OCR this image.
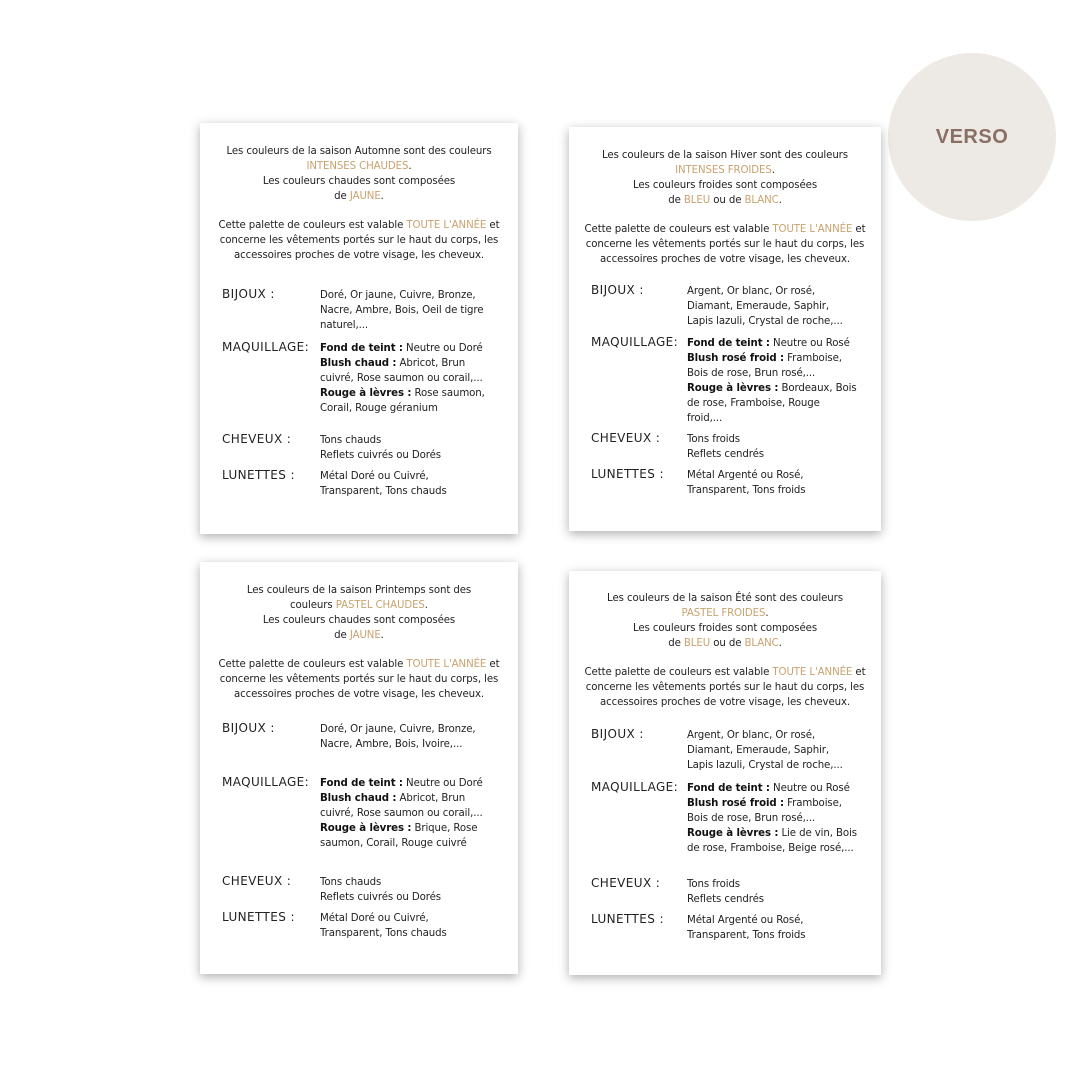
VERSO
Les couleurs de la saison Automne sont des couleurs
INTENSES CHAUDES.
Les couleurs chaudes sont composées
de JAUNE.
Cette palette de couleurs est valable TOUTE L'ANNÉE et
concerne les vêtements portés sur le haut du corps, les
accessoires proches de votre visage, les cheveux.
BIJOUX :	Doré, Or jaune, Cuivre, Bronze,
Nacre, Ambre, Bois, Oeil de tigre
naturel,...
MAQUILLAGE: Fond de teint : Neutre ou Doré
Blush chaud : Abricot, Brun
cuivré, Rose saumon ou corail,...
Rouge à lèvres : Rose saumon,
Corail, Rouge géranium
CHEVEUX :	Tons chauds
Reflets cuivrés ou Dorés
LUNETTES : Métal Doré ou Cuivré,
Transparent, Tons chauds
Les couleurs de la saison Hiver sont des couleurs
INTENSES FROIDES.
Les couleurs froides sont composées
de BLEU ou de BLANC.
Cette palette de couleurs est valable TOUTE L'ANNÉE et
concerne les vêtements portés sur le haut du corps, les
accessoires proches de votre visage, les cheveux.
BIJOUX :	Argent, Or blanc, Or rosé,
Diamant, Emeraude, Saphir,
Lapis lazuli, Crystal de roche,...
MAQUILLAGE: Fond de teint : Neutre ou Rosé
Blush rosé froid : Framboise,
Bois de rose, Brun rosé,...
Rouge à lèvres : Bordeaux, Bois
de rose, Framboise, Rouge
froid,...
CHEVEUX :	Tons froids
Reflets cendrés
LUNETTES : Métal Argenté ou Rosé,
Transparent, Tons froids
Les couleurs de la saison Printemps sont des
couleurs PASTEL CHAUDES.
Les couleurs chaudes sont composées
de JAUNE.
Cette palette de couleurs est valable TOUTE L'ANNÉE et
concerne les vêtements portés sur le haut du corps, les
accessoires proches de votre visage, les cheveux.
BIJOUX :	Doré, Or jaune, Cuivre, Bronze,
Nacre, Ambre, Bois, Ivoire,...
MAQUILLAGE: Fond de teint : Neutre ou Doré
Blush chaud : Abricot, Brun
cuivré, Rose saumon ou corail,...
Rouge à lèvres : Brique, Rose
saumon, Corail, Rouge cuivré
CHEVEUX :	Tons chauds
Reflets cuivrés ou Dorés
LUNETTES : Métal Doré ou Cuivré,
Transparent, Tons chauds
Les couleurs de la saison Été sont des couleurs
PASTEL FROIDES.
Les couleurs froides sont composées
de BLEU ou de BLANC.
Cette palette de couleurs est valable TOUTE L'ANNÉE et
concerne les vêtements portés sur le haut du corps, les
accessoires proches de votre visage, les cheveux.
BIJOUX :	Argent, Or blanc, Or rosé,
Diamant, Emeraude, Saphir,
Lapis lazuli, Crystal de roche,...
MAQUILLAGE: Fond de teint : Neutre ou Rosé
Blush rosé froid : Framboise,
Bois de rose, Brun rosé,...
Rouge à lèvres : Lie de vin, Bois
de rose, Framboise, Beige rosé,...
CHEVEUX :	Tons froids
Reflets cendrés
LUNETTES : Métal Argenté ou Rosé,
Transparent, Tons froids
